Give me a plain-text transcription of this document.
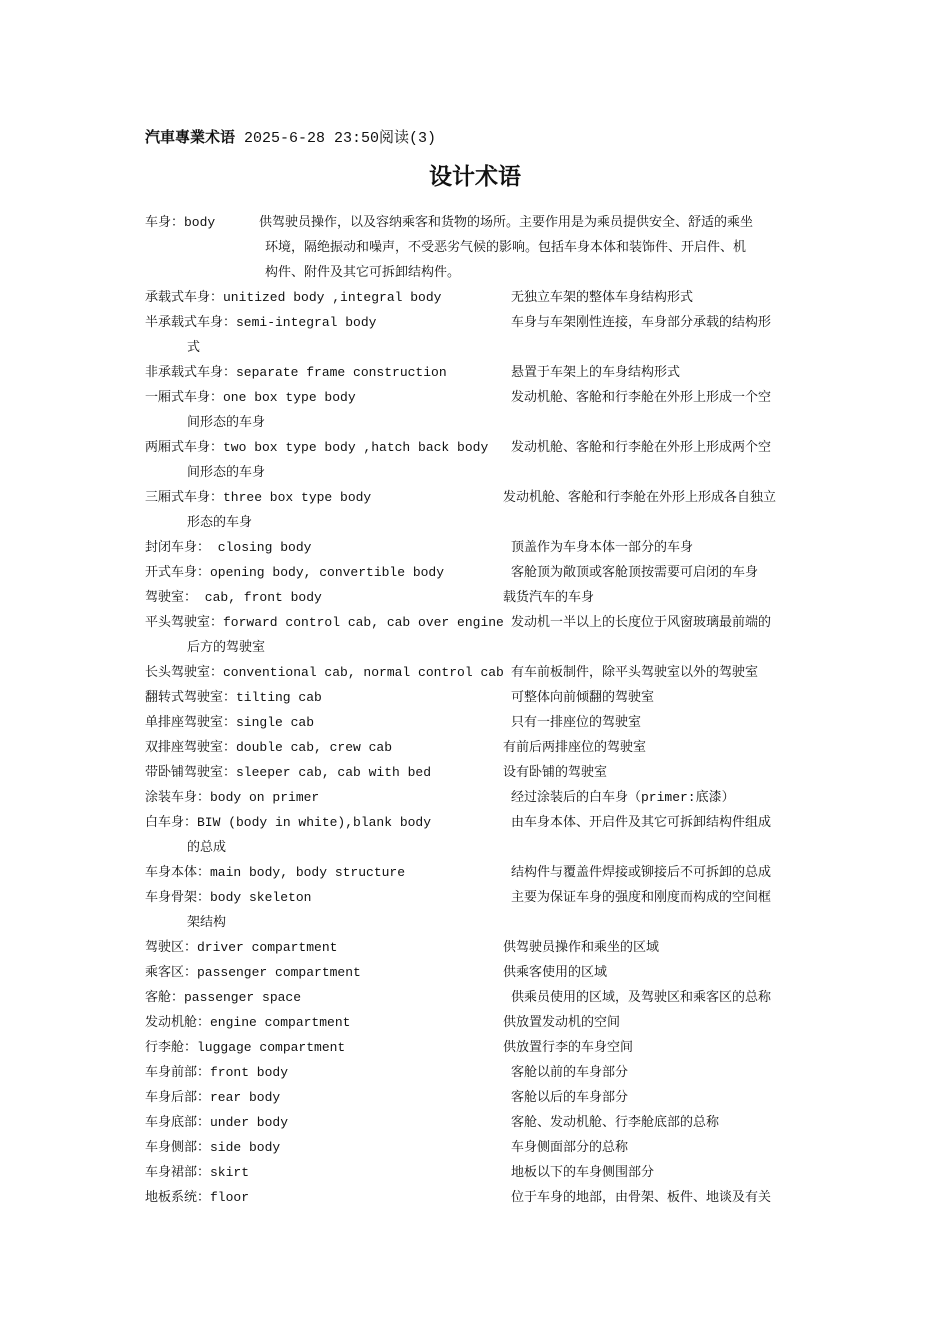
汽車專業术语 2025-6-28 23:50阅读(3)
设计术语
车身：body	供驾驶员操作，以及容纳乘客和货物的场所。主要作用是为乘员提供安全、舒适的乘坐
环境，隔绝振动和噪声，不受恶劣气候的影响。包括车身本体和装饰件、开启件、机
构件、附件及其它可拆卸结构件。
承载式车身：unitized body ,integral body	无独立车架的整体车身结构形式
半承载式车身：semi-integral body	车身与车架刚性连接，车身部分承载的结构形
式
非承载式车身：separate frame construction	悬置于车架上的车身结构形式
一厢式车身：one box type body	发动机舱、客舱和行李舱在外形上形成一个空
间形态的车身
两厢式车身：two box type body ,hatch back body 发动机舱、客舱和行李舱在外形上形成两个空
间形态的车身
三厢式车身：three box type body	发动机舱、客舱和行李舱在外形上形成各自独立
形态的车身
封闭车身： closing body	顶盖作为车身本体一部分的车身
开式车身：opening body, convertible body	客舱顶为敞顶或客舱顶按需要可启闭的车身
驾驶室： cab, front body	载货汽车的车身
平头驾驶室：forward control cab, cab over engine 发动机一半以上的长度位于风窗玻璃最前端的
后方的驾驶室
长头驾驶室：conventional cab, normal control cab 有车前板制件，除平头驾驶室以外的驾驶室
翻转式驾驶室：tilting cab	可整体向前倾翻的驾驶室
单排座驾驶室：single cab	只有一排座位的驾驶室
双排座驾驶室：double cab, crew cab	有前后两排座位的驾驶室
带卧铺驾驶室：sleeper cab, cab with bed	设有卧铺的驾驶室
涂装车身：body on primer	经过涂装后的白车身（primer:底漆）
白车身：BIW (body in white),blank body	由车身本体、开启件及其它可拆卸结构件组成
的总成
车身本体：main body, body structure	结构件与覆盖件焊接或铆接后不可拆卸的总成
车身骨架：body skeleton	主要为保证车身的强度和刚度而构成的空间框
架结构
驾驶区：driver compartment	供驾驶员操作和乘坐的区域
乘客区：passenger compartment	供乘客使用的区域
客舱：passenger space	供乘员使用的区域，及驾驶区和乘客区的总称
发动机舱：engine compartment	供放置发动机的空间
行李舱：luggage compartment	供放置行李的车身空间
车身前部：front body	客舱以前的车身部分
车身后部：rear body	客舱以后的车身部分
车身底部：under body	客舱、发动机舱、行李舱底部的总称
车身侧部：side body	车身侧面部分的总称
车身裙部：skirt	地板以下的车身侧围部分
地板系统：floor	位于车身的地部，由骨架、板件、地谈及有关
